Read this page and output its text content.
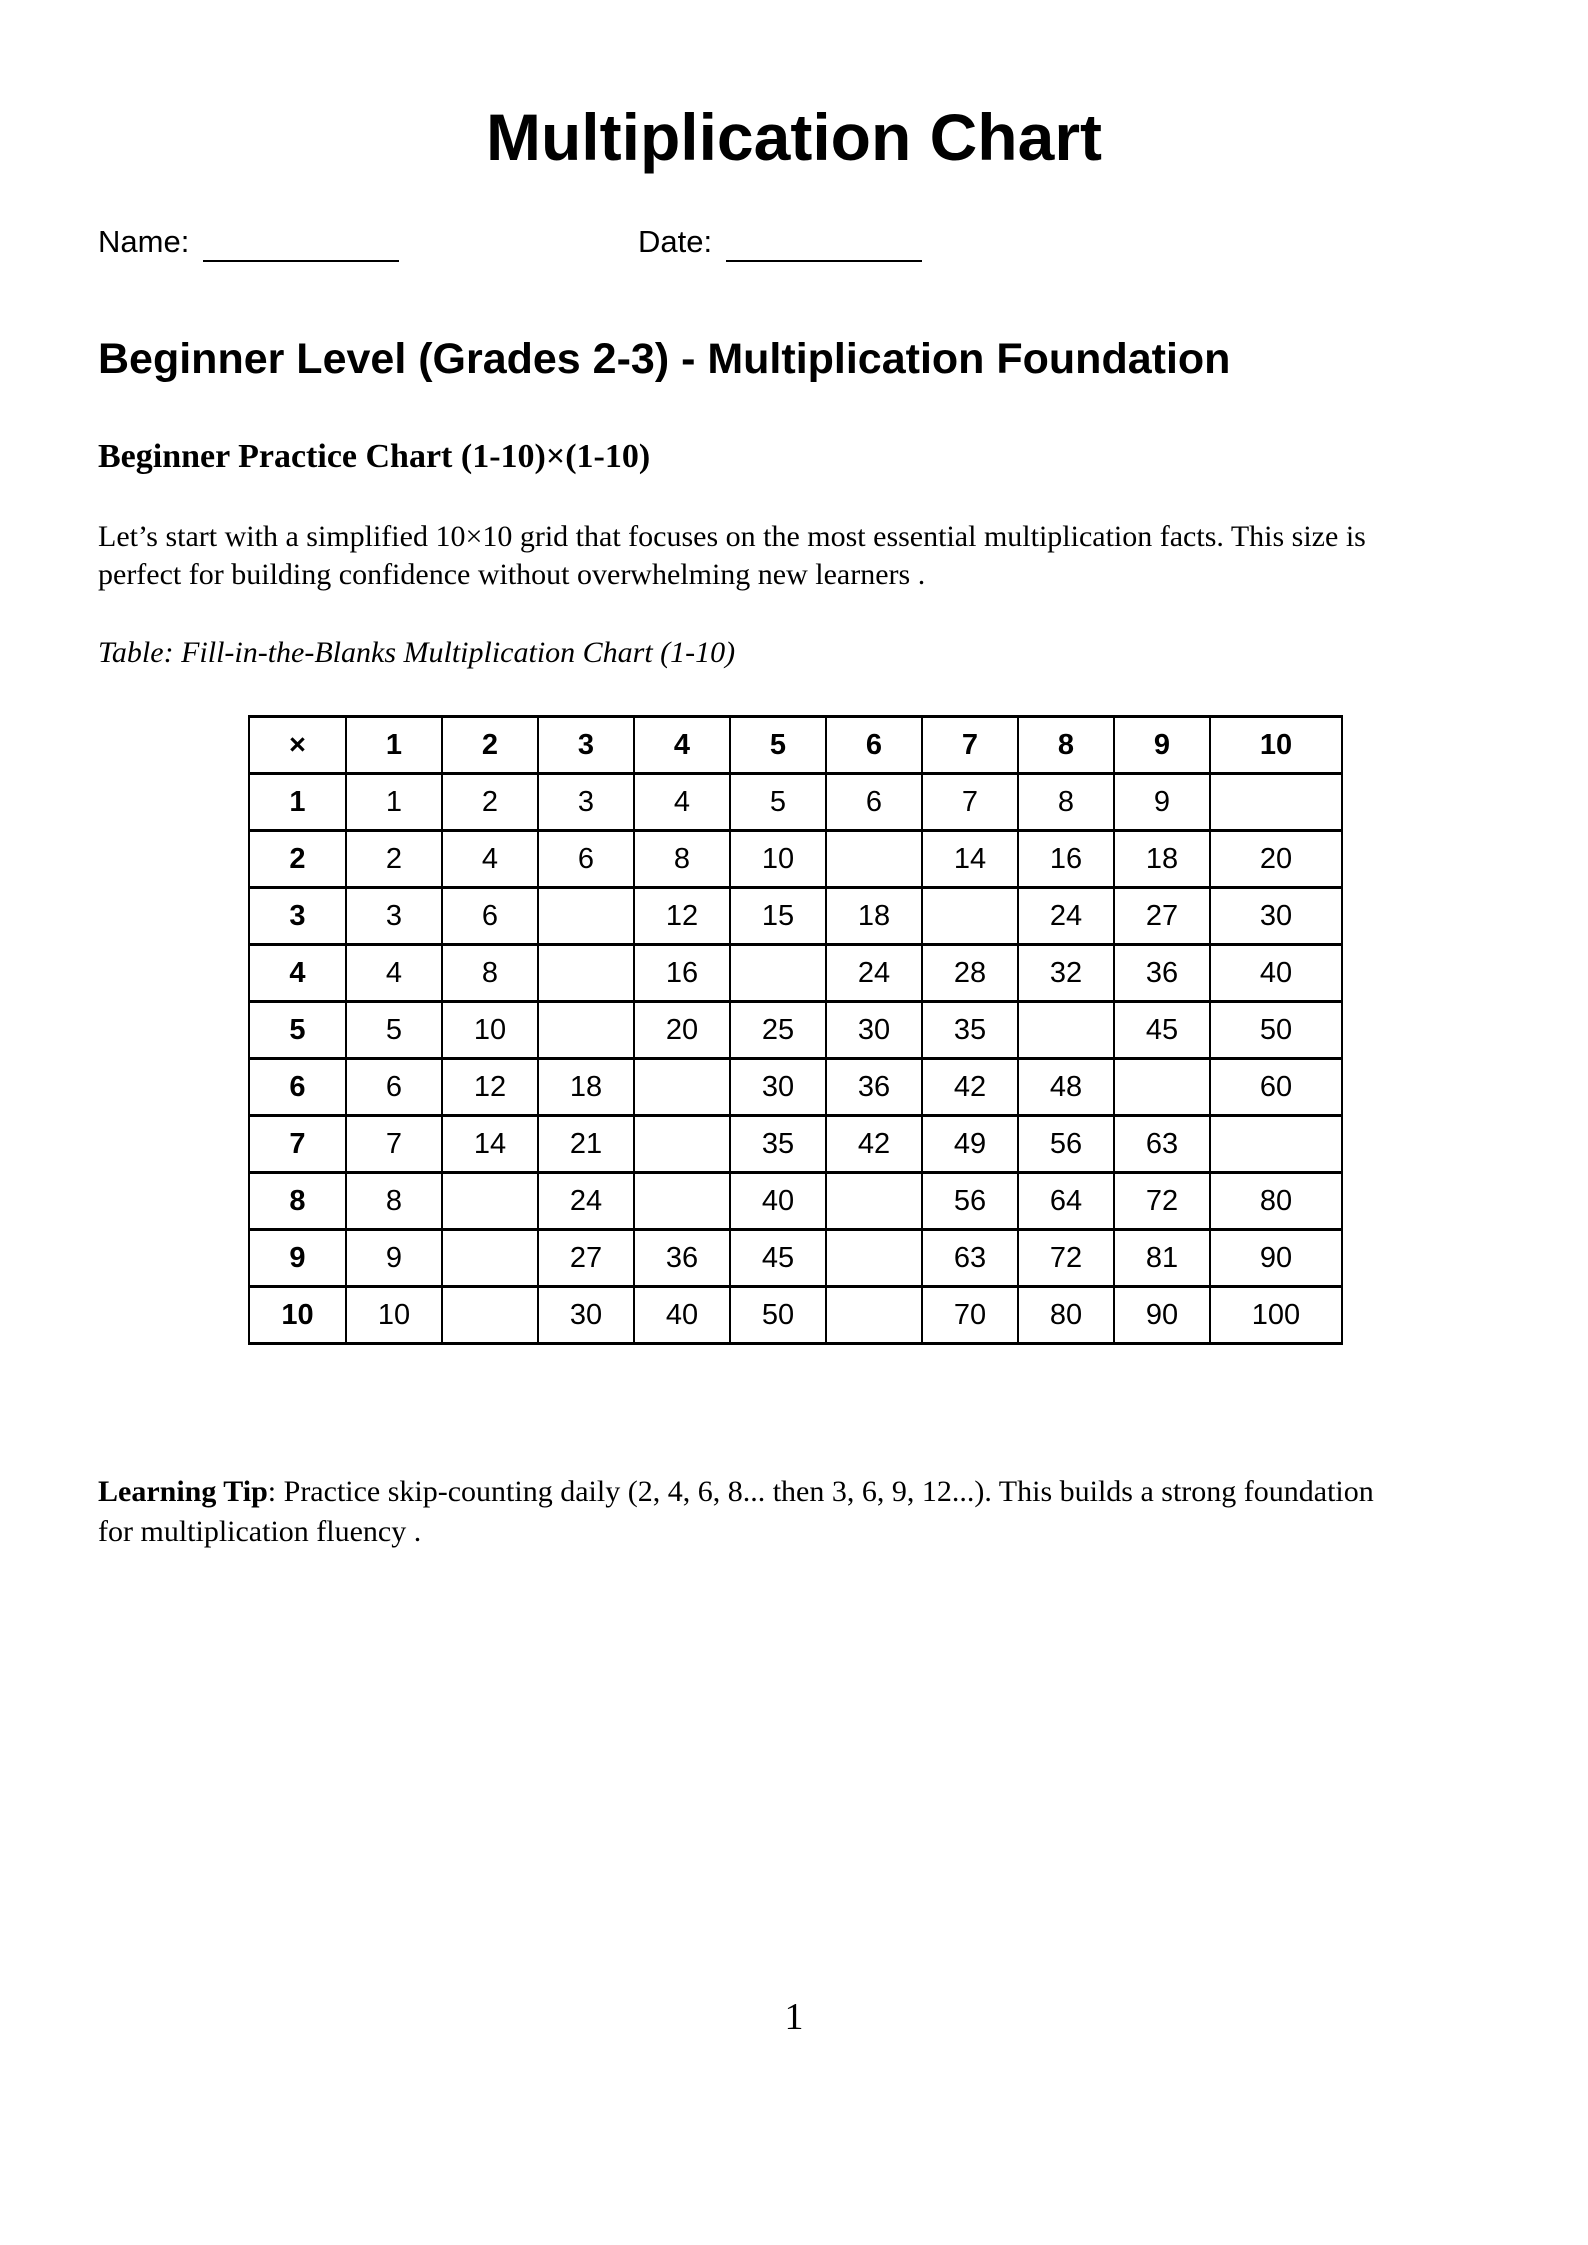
Multiplication Chart
Name:	Date:
Beginner Level (Grades 2-3) - Multiplication Foundation
Beginner Practice Chart (1-10)×(1-10)

Let’s start with a simplified 10×10 grid that focuses on the most essential multiplication facts. This size is
perfect for building confidence without overwhelming new learners .

Table: Fill-in-the-Blanks Multiplication Chart (1-10)

×	1	2	3	4	5	6	7	8	9	10
1	1	2	3	4	5	6	7	8	9	
2	2	4	6	8	10		14	16	18	20
3	3	6		12	15	18		24	27	30
4	4	8		16		24	28	32	36	40
5	5	10		20	25	30	35		45	50
6	6	12	18		30	36	42	48		60
7	7	14	21		35	42	49	56	63	
8	8		24		40		56	64	72	80
9	9		27	36	45		63	72	81	90
10	10		30	40	50		70	80	90	100

Learning Tip: Practice skip-counting daily (2, 4, 6, 8... then 3, 6, 9, 12...). This builds a strong foundation
for multiplication fluency .

1
